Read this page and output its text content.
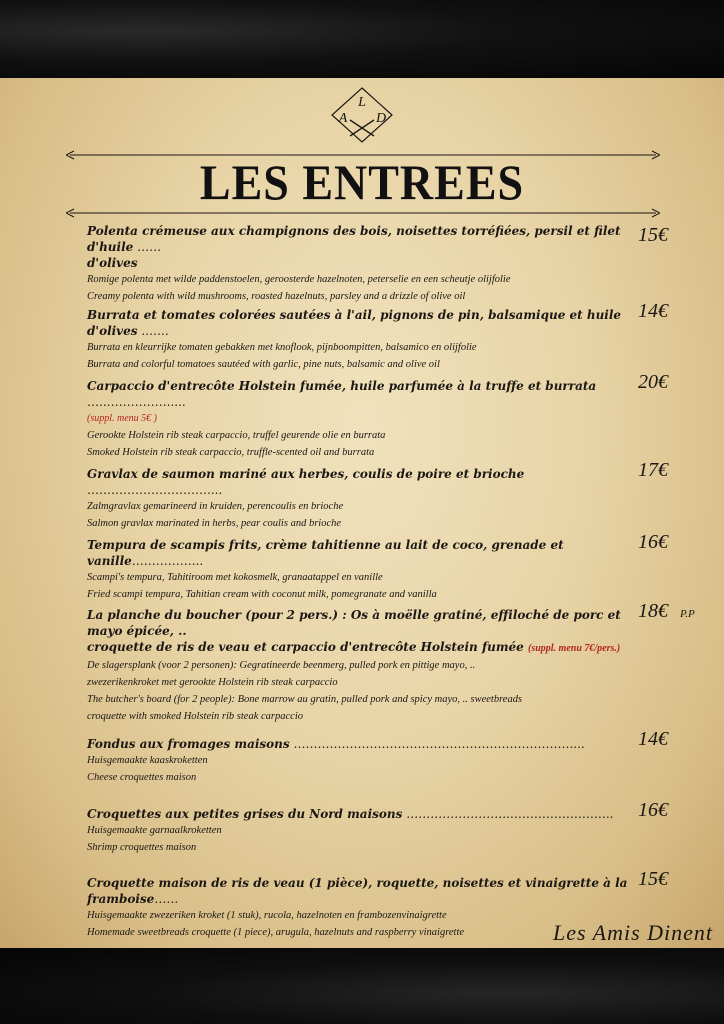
L
A D
LES ENTREES
Polenta crémeuse aux champignons des bois, noisettes torréfiées, persil et filet d'huile ……
d'olives
Romige polenta met wilde paddenstoelen, geroosterde hazelnoten, peterselie en een scheutje olijfolie
Creamy polenta with wild mushrooms, roasted hazelnuts, parsley and a drizzle of olive oil
15€
Burrata et tomates colorées sautées à l'ail, pignons de pin, balsamique et huile d'olives ..…..
Burrata en kleurrijke tomaten gebakken met knoflook, pijnboompitten, balsamico en olijfolie
Burrata and colorful tomatoes sautéed with garlic, pine nuts, balsamic and olive oil
14€
Carpaccio d'entrecôte Holstein fumée, huile parfumée à la truffe et burrata …..…………….....
(suppl. menu 5€ )
Gerookte Holstein rib steak carpaccio, truffel geurende olie en burrata
Smoked Holstein rib steak carpaccio, truffle-scented oil and burrata
20€
Gravlax de saumon mariné aux herbes, coulis de poire et brioche …………………………....
Zalmgravlax gemarineerd in kruiden, perencoulis en brioche
Salmon gravlax marinated in herbs, pear coulis and brioche
17€
Tempura de scampis frits, crème tahitienne au lait de coco, grenade et vanille……………...
Scampi's tempura, Tahitiroom met kokosmelk, granaatappel en vanille
Fried scampi tempura, Tahitian cream with coconut milk, pomegranate and vanilla
16€
La planche du boucher (pour 2 pers.) : Os à moëlle gratiné, effiloché de porc et mayo épicée, ..
croquette de ris de veau et carpaccio d'entrecôte Holstein fumée (suppl. menu 7€/pers.)
De slagersplank (voor 2 personen): Gegratineerde beenmerg, pulled pork en pittige mayo, ..
zwezerikenkroket met gerookte Holstein rib steak carpaccio
The butcher's board (for 2 people): Bone marrow au gratin, pulled pork and spicy mayo, .. sweetbreads
croquette with smoked Holstein rib steak carpaccio
18€ P.P
Fondus aux fromages maisons ……………………………………………………………....
Huisgemaakte kaaskroketten
Cheese croquettes maison
14€
Croquettes aux petites grises du Nord maisons ……………………..……………………..
Huisgemaakte garnaalkroketten
Shrimp croquettes maison
16€
Croquette maison de ris de veau (1 pièce), roquette, noisettes et vinaigrette à la framboise……
Huisgemaakte zwezeriken kroket (1 stuk), rucola, hazelnoten en frambozenvinaigrette
Homemade sweetbreads croquette (1 piece), arugula, hazelnuts and raspberry vinaigrette
15€
Les Amis Dinent
